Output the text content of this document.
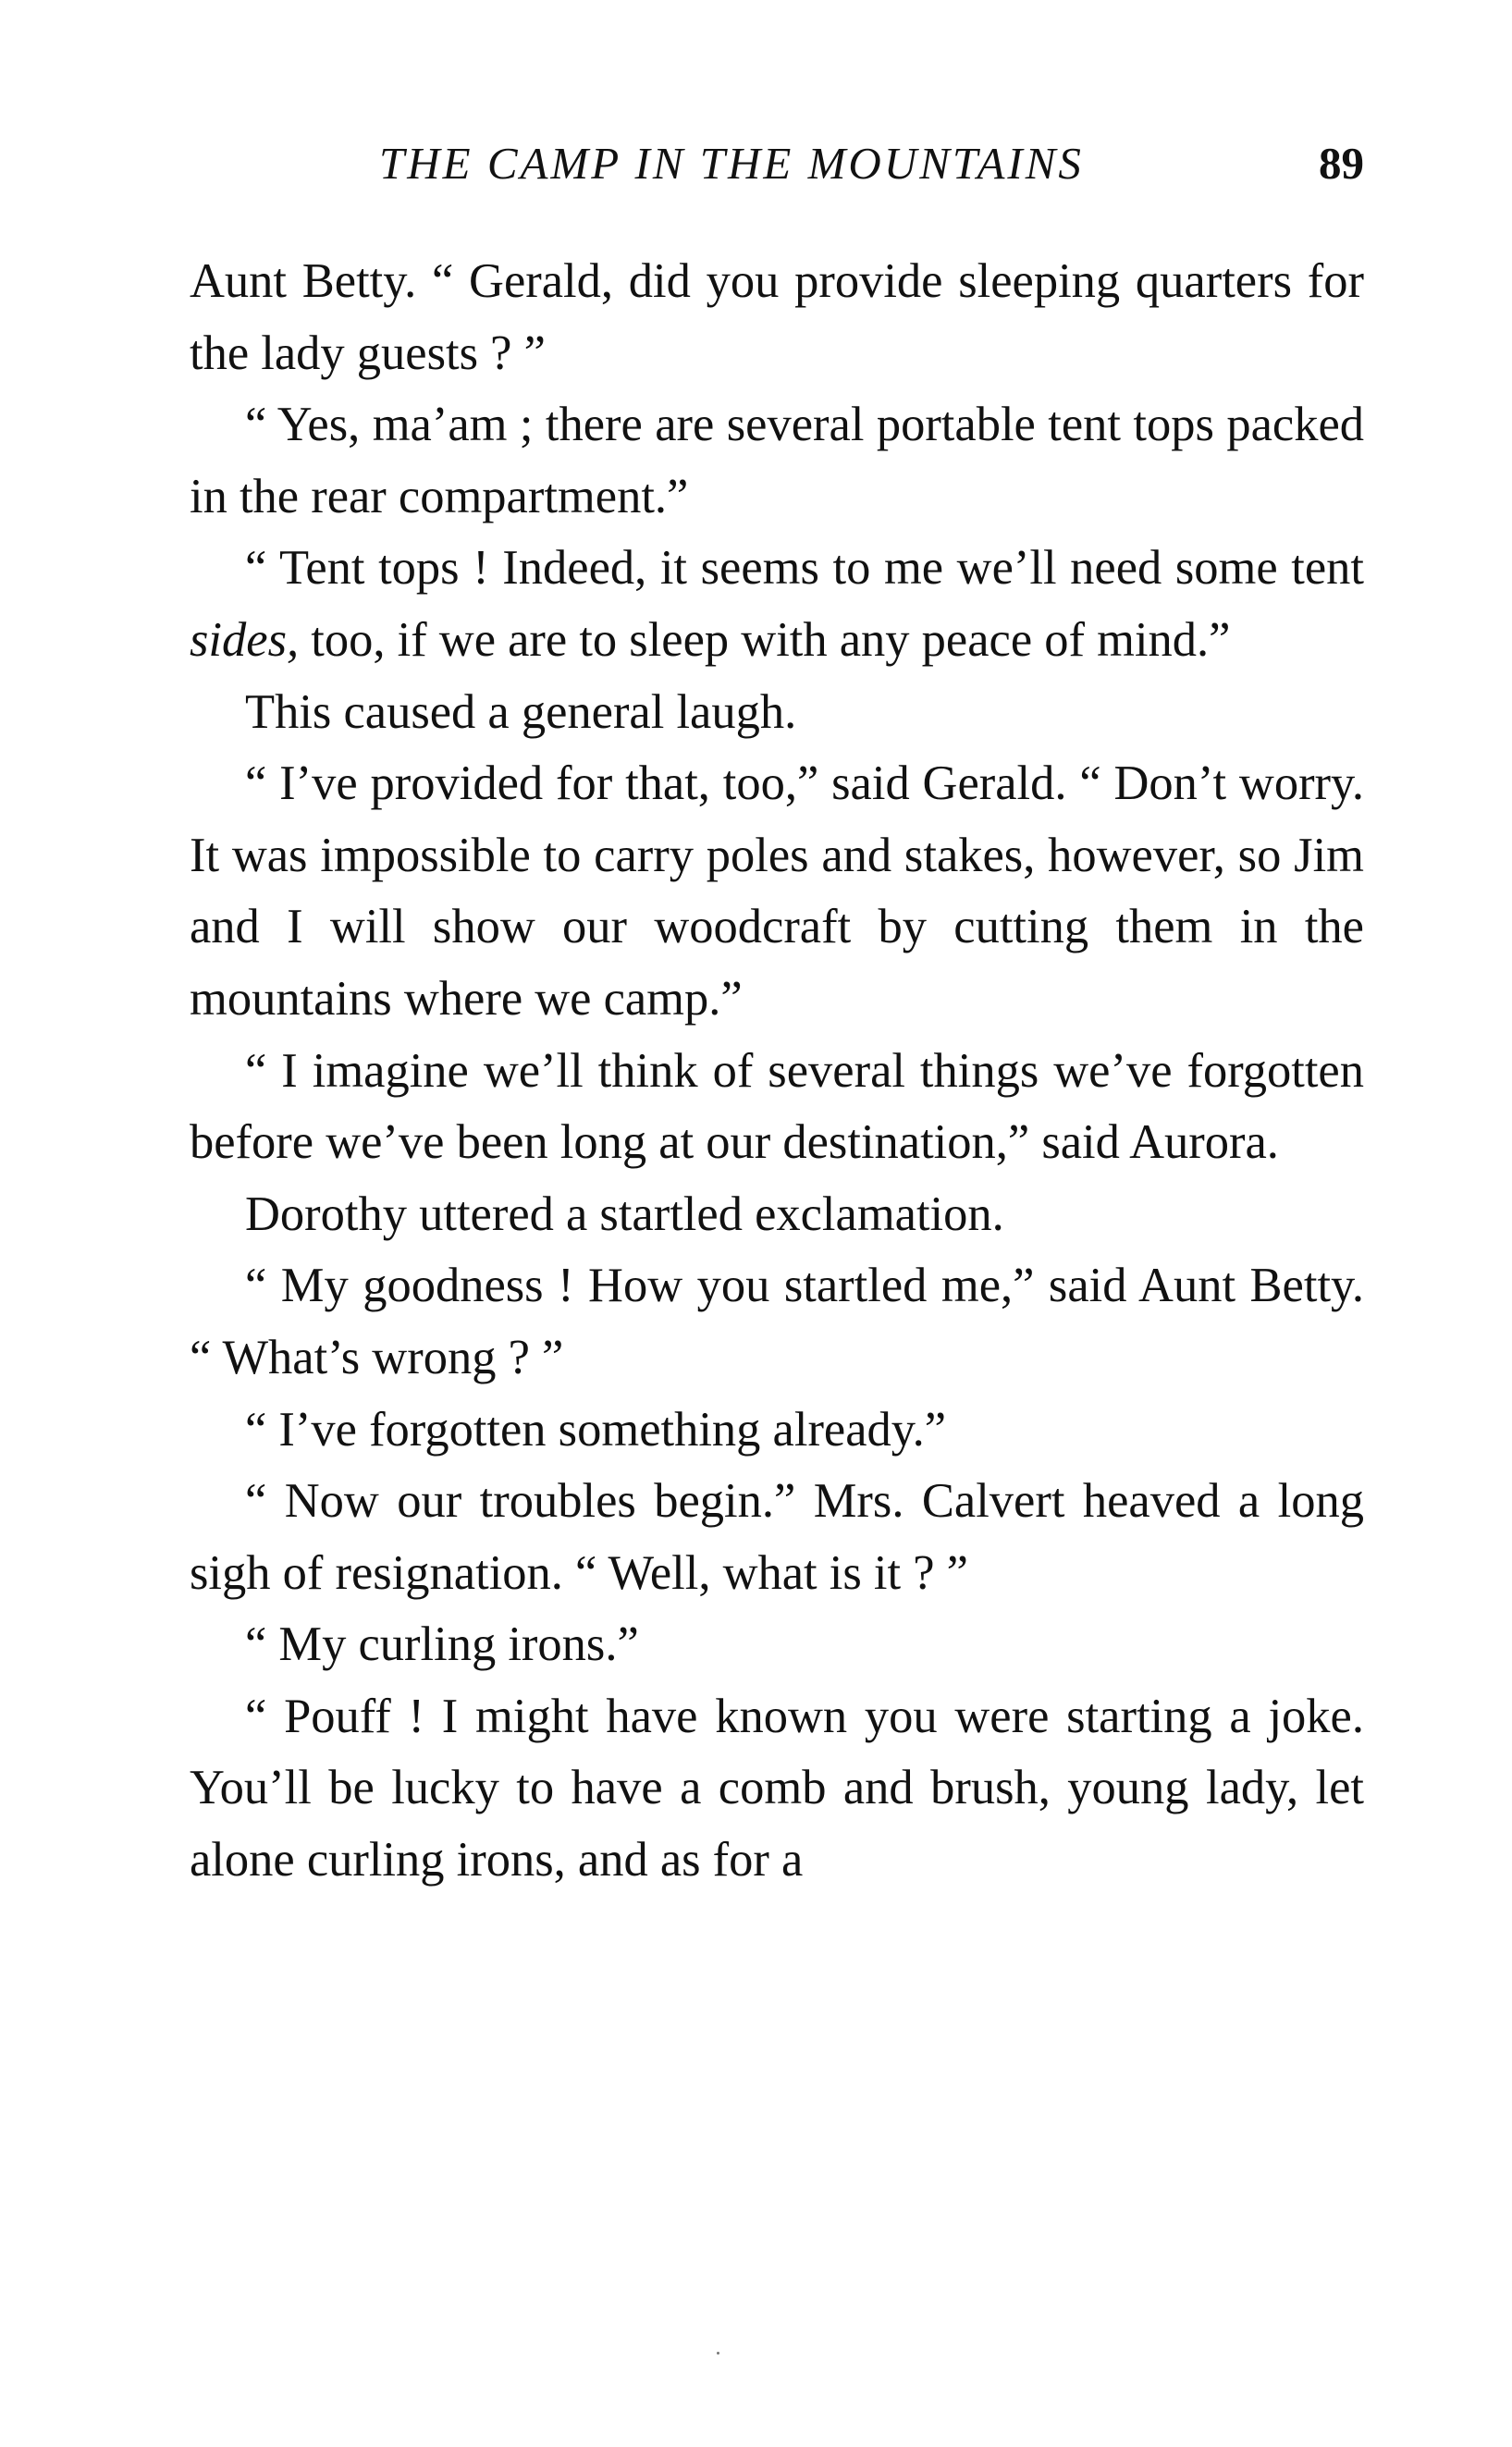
THE CAMP IN THE MOUNTAINS	89

Aunt Betty. “ Gerald, did you provide sleeping quarters for the lady guests ? ”

“ Yes, ma’am ; there are several portable tent tops packed in the rear compartment.”

“ Tent tops ! Indeed, it seems to me we’ll need some tent sides, too, if we are to sleep with any peace of mind.”

This caused a general laugh.

“ I’ve provided for that, too,” said Gerald. “ Don’t worry. It was impossible to carry poles and stakes, however, so Jim and I will show our woodcraft by cutting them in the mountains where we camp.”

“ I imagine we’ll think of several things we’ve forgotten before we’ve been long at our destination,” said Aurora.

Dorothy uttered a startled exclamation.

“ My goodness ! How you startled me,” said Aunt Betty. “ What’s wrong ? ”

“ I’ve forgotten something already.”

“ Now our troubles begin.” Mrs. Calvert heaved a long sigh of resignation. “ Well, what is it ? ”

“ My curling irons.”

“ Pouff ! I might have known you were starting a joke. You’ll be lucky to have a comb and brush, young lady, let alone curling irons, and as for a
